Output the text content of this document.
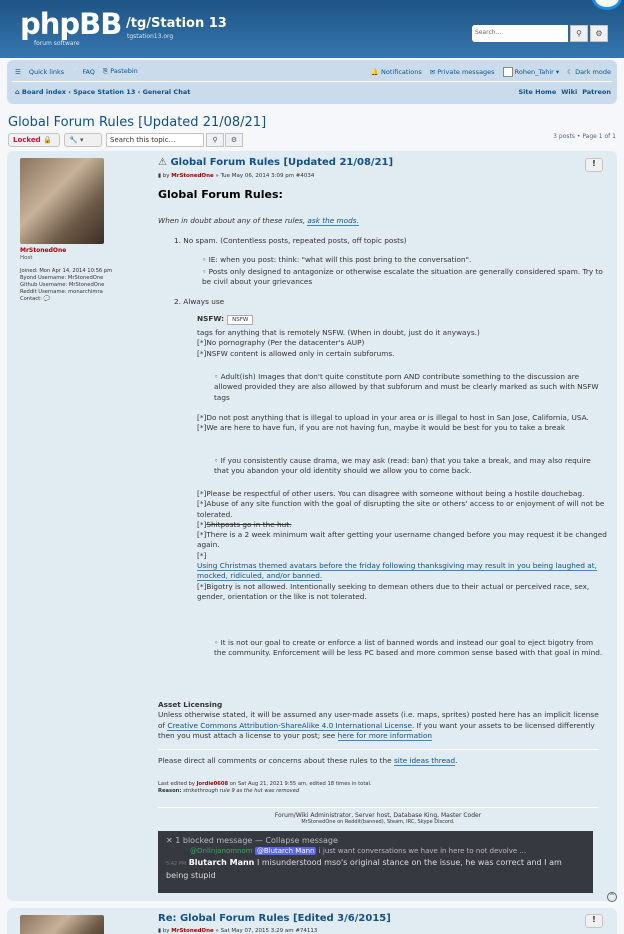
phpBB
forum software
/tg/Station 13
tgstation13.org
Search…	⚲	⚙
☰ Quick links ❔ FAQ ⎘ Pastebin	🔔 Notifications ✉ Private messages	Rohen_Tahir ▾ ☾ Dark mode
⌂ Board index ‹ Space Station 13 ‹ General Chat	Site Home Wiki Patreon
Global Forum Rules [Updated 21/08/21]
Locked 🔒	🔧 ▾	Search this topic…	⚲	⚙	3 posts • Page 1 of 1
MrStonedOne
Host
Joined: Mon Apr 14, 2014 10:56 pm
Byond Username: MrStonedOne
Github Username: MrStonedOne
Reddit Username: monarchimra
Contact: 💬
⚠ Global Forum Rules [Updated 21/08/21]
▮ by MrStonedOne » Tue May 06, 2014 3:09 pm #4034
!
Global Forum Rules:
When in doubt about any of these rules, ask the mods.
1. No spam. (Contentless posts, repeated posts, off topic posts)
◦ IE: when you post: think: "what will this post bring to the conversation".
◦ Posts only designed to antagonize or otherwise escalate the situation are generally considered spam. Try to be civil about your grievances
2. Always use
NSFW: NSFW
tags for anything that is remotely NSFW. (When in doubt, just do it anyways.)
[*]No pornography (Per the datacenter's AUP)
[*]NSFW content is allowed only in certain subforums.
◦ Adult(ish) Images that don't quite constitute porn AND contribute something to the discussion are allowed provided they are also allowed by that subforum and must be clearly marked as such with NSFW tags
[*]Do not post anything that is illegal to upload in your area or is illegal to host in San Jose, California, USA.
[*]We are here to have fun, if you are not having fun, maybe it would be best for you to take a break
◦ If you consistently cause drama, we may ask (read: ban) that you take a break, and may also require that you abandon your old identity should we allow you to come back.
[*]Please be respectful of other users. You can disagree with someone without being a hostile douchebag.
[*]Abuse of any site function with the goal of disrupting the site or others' access to or enjoyment of will not be tolerated.
[*]Shitposts go in the hut.
[*]There is a 2 week minimum wait after getting your username changed before you may request it be changed again.
[*]
Using Christmas themed avatars before the friday following thanksgiving may result in you being laughed at, mocked, ridiculed, and/or banned.
[*]Bigotry is not allowed. Intentionally seeking to demean others due to their actual or perceived race, sex, gender, orientation or the like is not tolerated.
◦ It is not our goal to create or enforce a list of banned words and instead our goal to eject bigotry from the community. Enforcement will be less PC based and more common sense based with that goal in mind.
Asset Licensing
Unless otherwise stated, it will be assumed any user-made assets (i.e. maps, sprites) posted here has an implicit license of Creative Commons Attribution-ShareAlike 4.0 International License. If you want your assets to be licensed differently then you must attach a license to your post; see here for more information
Please direct all comments or concerns about these rules to the site ideas thread.
Last edited by Jordie0608 on Sat Aug 21, 2021 9:55 am, edited 18 times in total.
Reason: strikethrough rule 9 as the hut was removed
Forum/Wiki Administrator, Server host, Database King, Master Coder
MrStonedOne on Reddit(banned), Steam, IRC, Skype Discord.
✕ 1 blocked message — Collapse message
@Onlinjanomnom @Blutarch Mann i just want conversations we have in here to not devolve ...
5:42 PM Blutarch Mann I misunderstood mso's original stance on the issue, he was correct and I am being stupid
^
Re: Global Forum Rules [Edited 3/6/2015]
▮ by MrStonedOne » Sat May 07, 2015 3:29 am #74113
!
